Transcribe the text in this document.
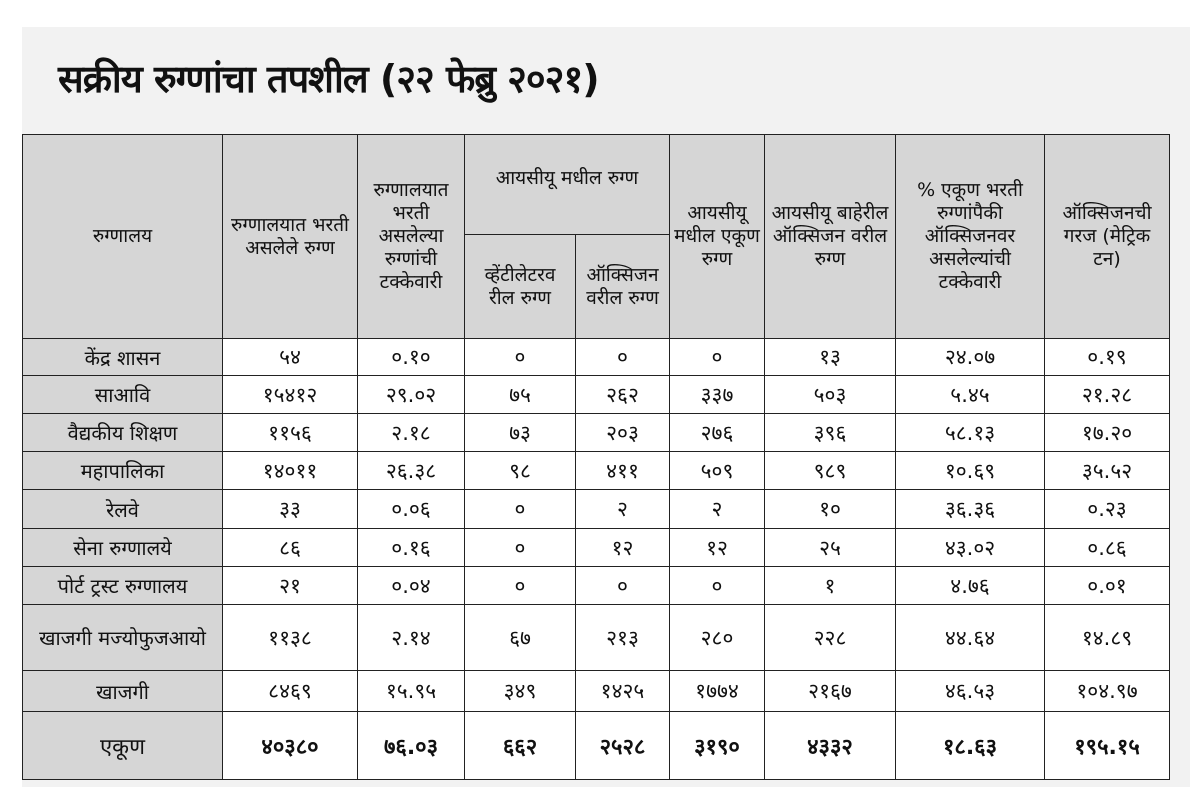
सक्रीय रुग्णांचा तपशील (२२ फेब्रु २०२१)
रुग्णालय	रुग्णालयात भरती असलेले रुग्ण	रुग्णालयात भरती असलेल्या रुग्णांची टक्केवारी	आयसीयू मधील रुग्ण		आयसीयू मधील एकूण रुग्ण	आयसीयू बाहेरील ऑक्सिजन वरील रुग्ण	% एकूण भरती रुग्णांपैकी ऑक्सिजनवर असलेल्यांची टक्केवारी	ऑक्सिजनची गरज (मेट्रिक टन)
			व्हेंटीलेटरव रील रुग्ण	ऑक्सिजन वरील रुग्ण				
केंद्र शासन	५४	०.१०	०	०	०	१३	२४.०७	०.१९
साआवि	१५४१२	२९.०२	७५	२६२	३३७	५०३	५.४५	२१.२८
वैद्यकीय शिक्षण	११५६	२.१८	७३	२०३	२७६	३९६	५८.१३	१७.२०
महापालिका	१४०११	२६.३८	९८	४११	५०९	९८९	१०.६९	३५.५२
रेलवे	३३	०.०६	०	२	२	१०	३६.३६	०.२३
सेना रुग्णालये	८६	०.१६	०	१२	१२	२५	४३.०२	०.८६
पोर्ट ट्रस्ट रुग्णालय	२१	०.०४	०	०	०	१	४.७६	०.०१
खाजगी मज्योफुजआयो	११३८	२.१४	६७	२१३	२८०	२२८	४४.६४	१४.८९
खाजगी	८४६९	१५.९५	३४९	१४२५	१७७४	२१६७	४६.५३	१०४.९७
एकूण	४०३८०	७६.०३	६६२	२५२८	३१९०	४३३२	१८.६३	१९५.१५
